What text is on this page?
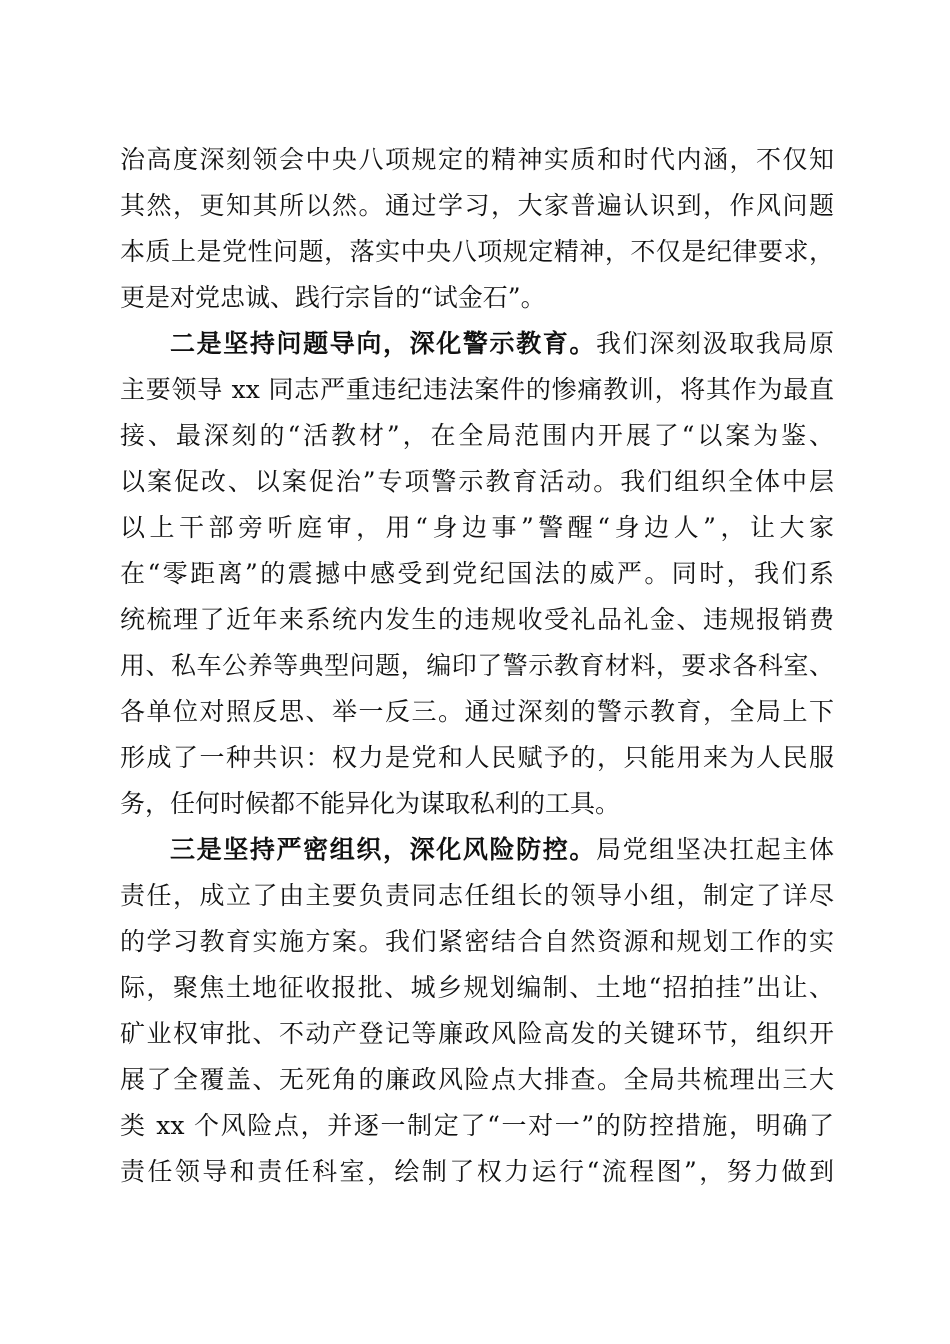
治高度深刻领会中央八项规定的精神实质和时代内涵，不仅知
其然，更知其所以然。通过学习，大家普遍认识到，作风问题
本质上是党性问题，落实中央八项规定精神，不仅是纪律要求，
更是对党忠诚、践行宗旨的“试金石”。
二是坚持问题导向，深化警示教育。我们深刻汲取我局原
主要领导 xx 同志严重违纪违法案件的惨痛教训，将其作为最直
接、最深刻的“活教材”，在全局范围内开展了“以案为鉴、
以案促改、以案促治”专项警示教育活动。我们组织全体中层
以上干部旁听庭审，用“身边事”警醒“身边人”，让大家
在“零距离”的震撼中感受到党纪国法的威严。同时，我们系
统梳理了近年来系统内发生的违规收受礼品礼金、违规报销费
用、私车公养等典型问题，编印了警示教育材料，要求各科室、
各单位对照反思、举一反三。通过深刻的警示教育，全局上下
形成了一种共识：权力是党和人民赋予的，只能用来为人民服
务，任何时候都不能异化为谋取私利的工具。
三是坚持严密组织，深化风险防控。局党组坚决扛起主体
责任，成立了由主要负责同志任组长的领导小组，制定了详尽
的学习教育实施方案。我们紧密结合自然资源和规划工作的实
际，聚焦土地征收报批、城乡规划编制、土地“招拍挂”出让、
矿业权审批、不动产登记等廉政风险高发的关键环节，组织开
展了全覆盖、无死角的廉政风险点大排查。全局共梳理出三大
类 xx 个风险点，并逐一制定了“一对一”的防控措施，明确了
责任领导和责任科室，绘制了权力运行“流程图”，努力做到
